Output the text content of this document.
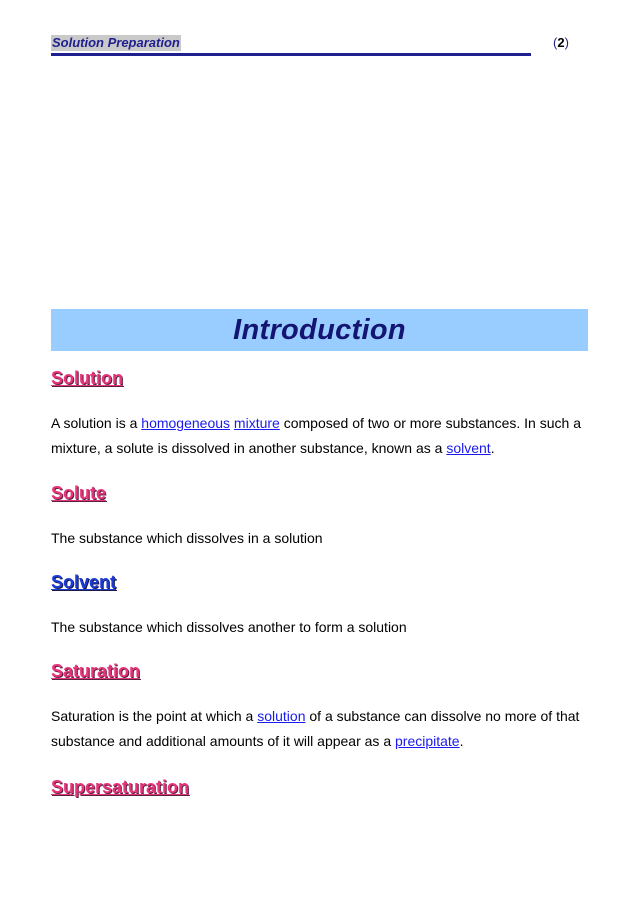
Solution Preparation	(2)
Introduction
Solution

A solution is a homogeneous mixture composed of two or more substances. In such a mixture, a solute is dissolved in another substance, known as a solvent.

Solute

The substance which dissolves in a solution

Solvent

The substance which dissolves another to form a solution

Saturation

Saturation is the point at which a solution of a substance can dissolve no more of that substance and additional amounts of it will appear as a precipitate.

Supersaturation
